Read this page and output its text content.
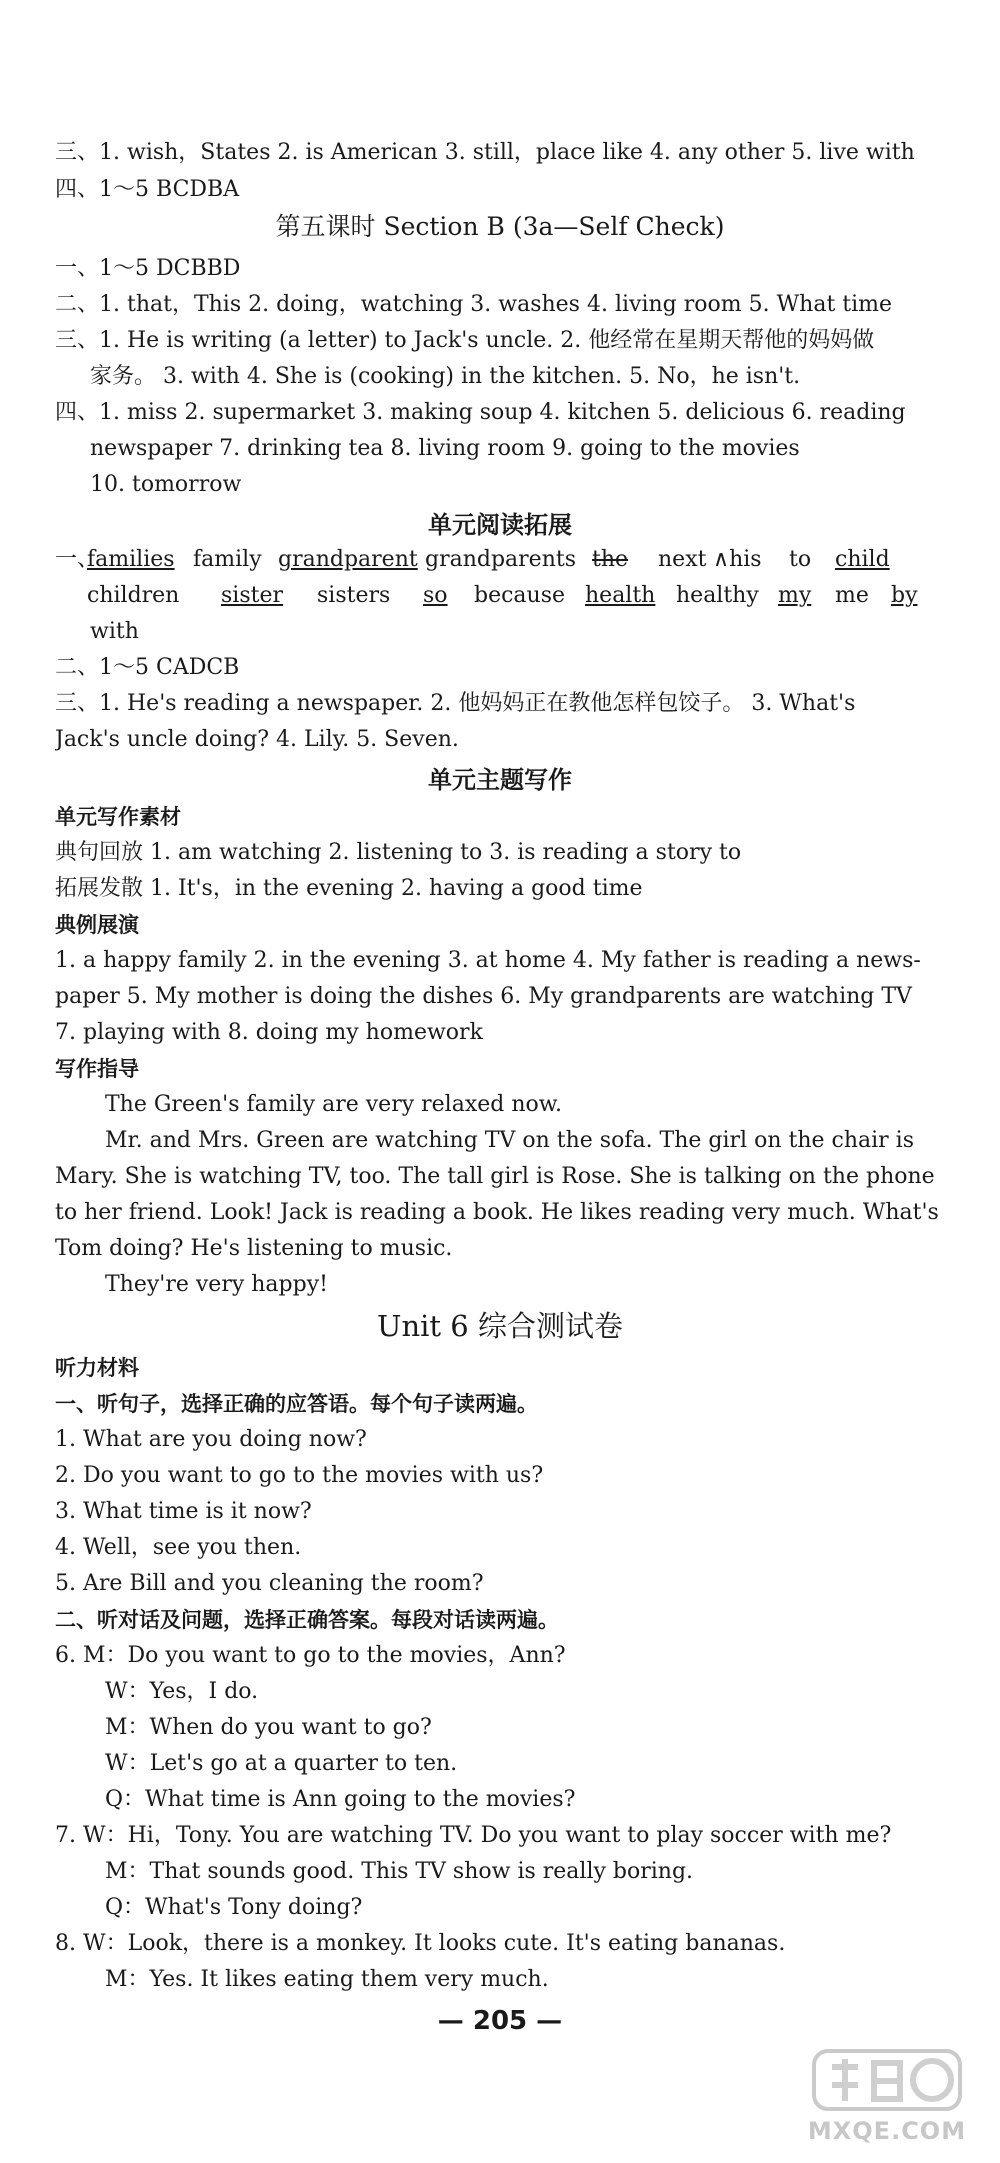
三、1. wish，States 2. is American 3. still，place like 4. any other 5. live with
四、1～5 BCDBA
第五课时 Section B (3a—Self Check)
一、1～5 DCBBD
二、1. that，This 2. doing，watching 3. washes 4. living room 5. What time
三、1. He is writing (a letter) to Jack's uncle. 2. 他经常在星期天帮他的妈妈做
家务。 3. with 4. She is (cooking) in the kitchen. 5. No，he isn't.
四、1. miss 2. supermarket 3. making soup 4. kitchen 5. delicious 6. reading
newspaper 7. drinking tea 8. living room 9. going to the movies
10. tomorrow
单元阅读拓展
一、
families family grandparent grandparents the next ∧his to child
children sister sisters so because health healthy my me by
with
二、1～5 CADCB
三、1. He's reading a newspaper. 2. 他妈妈正在教他怎样包饺子。 3. What's
Jack's uncle doing? 4. Lily. 5. Seven.
单元主题写作
单元写作素材
典句回放 1. am watching 2. listening to 3. is reading a story to
拓展发散 1. It's，in the evening 2. having a good time
典例展演
1. a happy family 2. in the evening 3. at home 4. My father is reading a news-
paper 5. My mother is doing the dishes 6. My grandparents are watching TV
7. playing with 8. doing my homework
写作指导
The Green's family are very relaxed now.
Mr. and Mrs. Green are watching TV on the sofa. The girl on the chair is
Mary. She is watching TV, too. The tall girl is Rose. She is talking on the phone
to her friend. Look! Jack is reading a book. He likes reading very much. What's
Tom doing? He's listening to music.
They're very happy!
Unit 6 综合测试卷
听力材料
一、听句子，选择正确的应答语。每个句子读两遍。
1. What are you doing now?
2. Do you want to go to the movies with us?
3. What time is it now?
4. Well，see you then.
5. Are Bill and you cleaning the room?
二、听对话及问题，选择正确答案。每段对话读两遍。
6. M：Do you want to go to the movies，Ann?
W：Yes，I do.
M：When do you want to go?
W：Let's go at a quarter to ten.
Q：What time is Ann going to the movies?
7. W：Hi，Tony. You are watching TV. Do you want to play soccer with me?
M：That sounds good. This TV show is really boring.
Q：What's Tony doing?
8. W：Look，there is a monkey. It looks cute. It's eating bananas.
M：Yes. It likes eating them very much.
— 205 —
MXQE.COM
